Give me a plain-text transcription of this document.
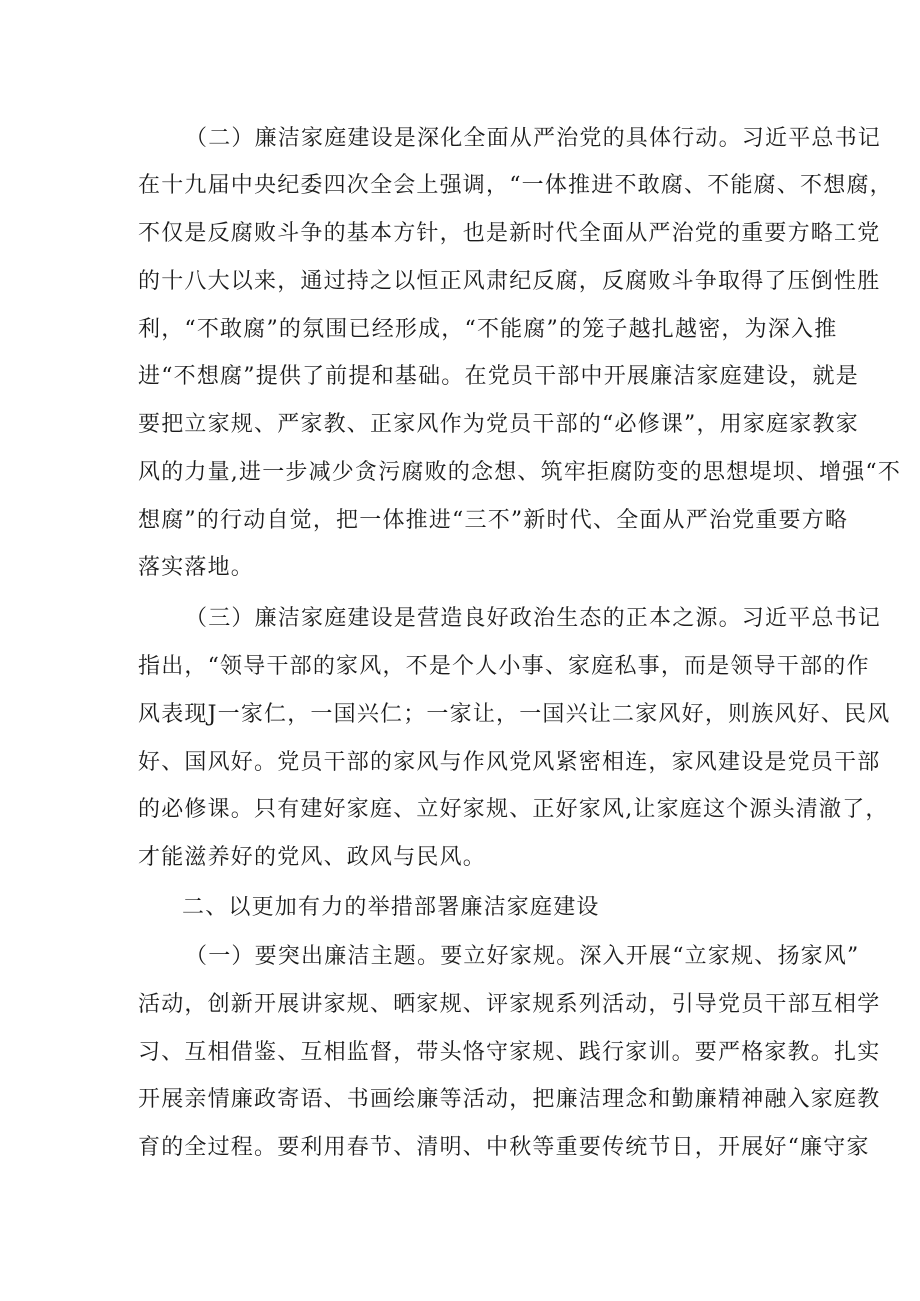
（二）廉洁家庭建设是深化全面从严治党的具体行动。习近平总书记
在十九届中央纪委四次全会上强调，“一体推进不敢腐、不能腐、不想腐，
不仅是反腐败斗争的基本方针，也是新时代全面从严治党的重要方略工党
的十八大以来，通过持之以恒正风肃纪反腐，反腐败斗争取得了压倒性胜
利，“不敢腐”的氛围已经形成，“不能腐”的笼子越扎越密，为深入推
进“不想腐”提供了前提和基础。在党员干部中开展廉洁家庭建设，就是
要把立家规、严家教、正家风作为党员干部的“必修课”，用家庭家教家
风的力量,进一步减少贪污腐败的念想、筑牢拒腐防变的思想堤坝、增强“不
想腐”的行动自觉，把一体推进“三不”新时代、全面从严治党重要方略
落实落地。
（三）廉洁家庭建设是营造良好政治生态的正本之源。习近平总书记
指出，“领导干部的家风，不是个人小事、家庭私事，而是领导干部的作
风表现J一家仁，一国兴仁；一家让，一国兴让二家风好，则族风好、民风
好、国风好。党员干部的家风与作风党风紧密相连，家风建设是党员干部
的必修课。只有建好家庭、立好家规、正好家风,让家庭这个源头清澈了，
才能滋养好的党风、政风与民风。
二、以更加有力的举措部署廉洁家庭建设
（一）要突出廉洁主题。要立好家规。深入开展“立家规、扬家风”
活动，创新开展讲家规、晒家规、评家规系列活动，引导党员干部互相学
习、互相借鉴、互相监督，带头恪守家规、践行家训。要严格家教。扎实
开展亲情廉政寄语、书画绘廉等活动，把廉洁理念和勤廉精神融入家庭教
育的全过程。要利用春节、清明、中秋等重要传统节日，开展好“廉守家
